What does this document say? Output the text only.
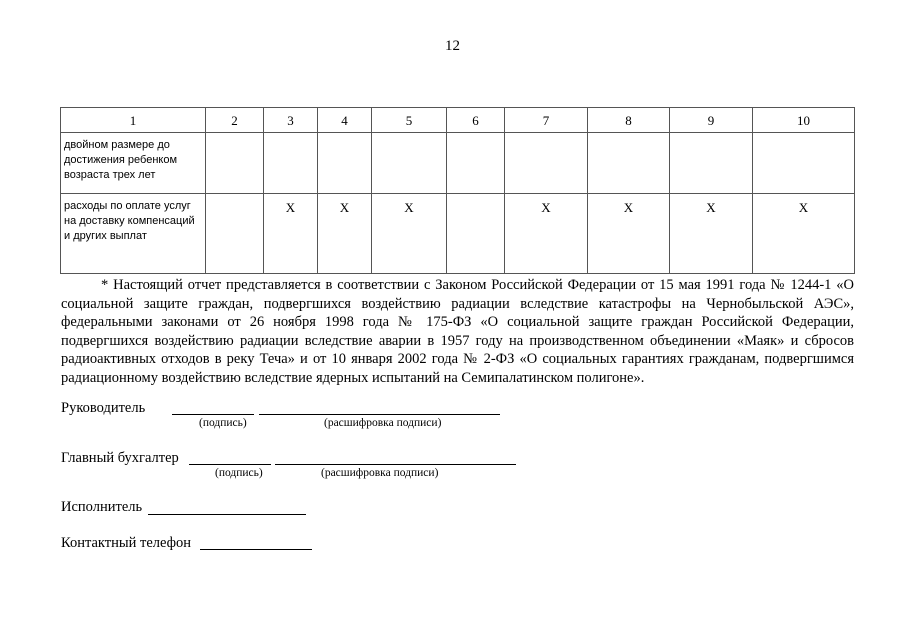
12
1	2	3	4	5	6	7	8	9	10
двойном размере до достижения ребенком возраста трех лет									
расходы по оплате услуг на доставку компенсаций и других выплат		X	X	X		X	X	X	X
* Настоящий отчет представляется в соответствии с Законом Российской Федерации от 15 мая 1991 года № 1244-1 «О социальной защите граждан, подвергшихся воздействию радиации вследствие катастрофы на Чернобыльской АЭС», федеральными законами от 26 ноября 1998 года № 175-ФЗ «О социальной защите граждан Российской Федерации, подвергшихся воздействию радиации вследствие аварии в 1957 году на производственном объединении «Маяк» и сбросов радиоактивных отходов в реку Теча» и от 10 января 2002 года № 2-ФЗ «О социальных гарантиях гражданам, подвергшимся радиационному воздействию вследствие ядерных испытаний на Семипалатинском полигоне».
Руководитель
(подпись)	(расшифровка подписи)
Главный бухгалтер
(подпись)	(расшифровка подписи)
Исполнитель
Контактный телефон
